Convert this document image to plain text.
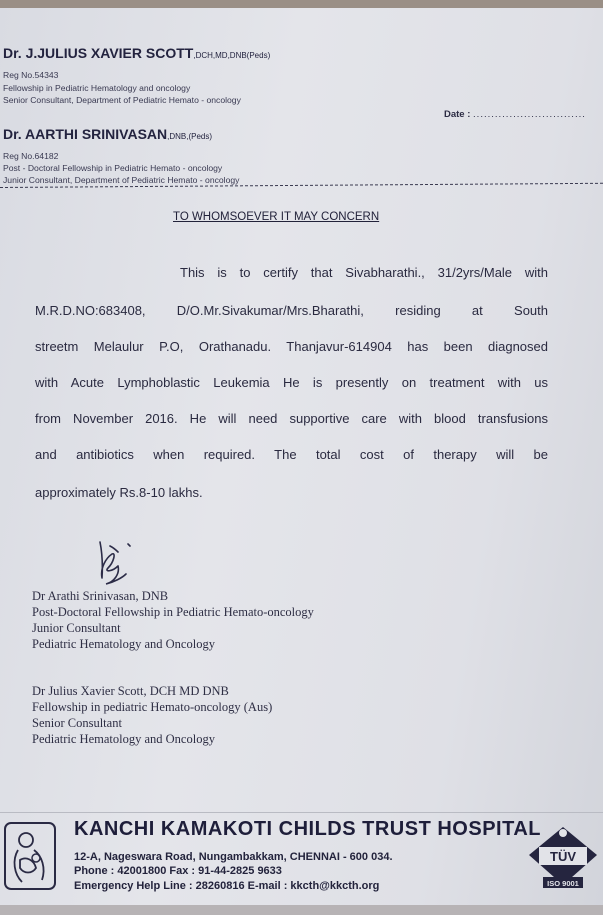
Dr. J.JULIUS XAVIER SCOTT,DCH,MD,DNB(Peds)
Reg No.54343
Fellowship in Pediatric Hematology and oncology
Senior Consultant, Department of Pediatric Hemato - oncology
Date : ...............................
Dr. AARTHI SRINIVASAN,DNB,(Peds)
Reg No.64182
Post - Doctoral Fellowship in Pediatric Hemato - oncology
Junior Consultant, Department of Pediatric Hemato - oncology
TO WHOMSOEVER IT MAY CONCERN
This is to certify that Sivabharathi., 31/2yrs/Male with
M.R.D.NO:683408, D/O.Mr.Sivakumar/Mrs.Bharathi, residing at South
streetm Melaulur P.O, Orathanadu. Thanjavur-614904 has been diagnosed
with Acute Lymphoblastic Leukemia He is presently on treatment with us
from November 2016. He will need supportive care with blood transfusions
and antibiotics when required. The total cost of therapy will be
approximately Rs.8-10 lakhs.
Dr Arathi Srinivasan, DNB
Post-Doctoral Fellowship in Pediatric Hemato-oncology
Junior Consultant
Pediatric Hematology and Oncology
Dr Julius Xavier Scott, DCH MD DNB
Fellowship in pediatric Hemato-oncology (Aus)
Senior Consultant
Pediatric Hematology and Oncology
KANCHI KAMAKOTI CHILDS TRUST HOSPITAL
12-A, Nageswara Road, Nungambakkam, CHENNAI - 600 034.
Phone : 42001800 Fax : 91-44-2825 9633
Emergency Help Line : 28260816 E-mail : kkcth@kkcth.org
TÜV
ISO 9001
